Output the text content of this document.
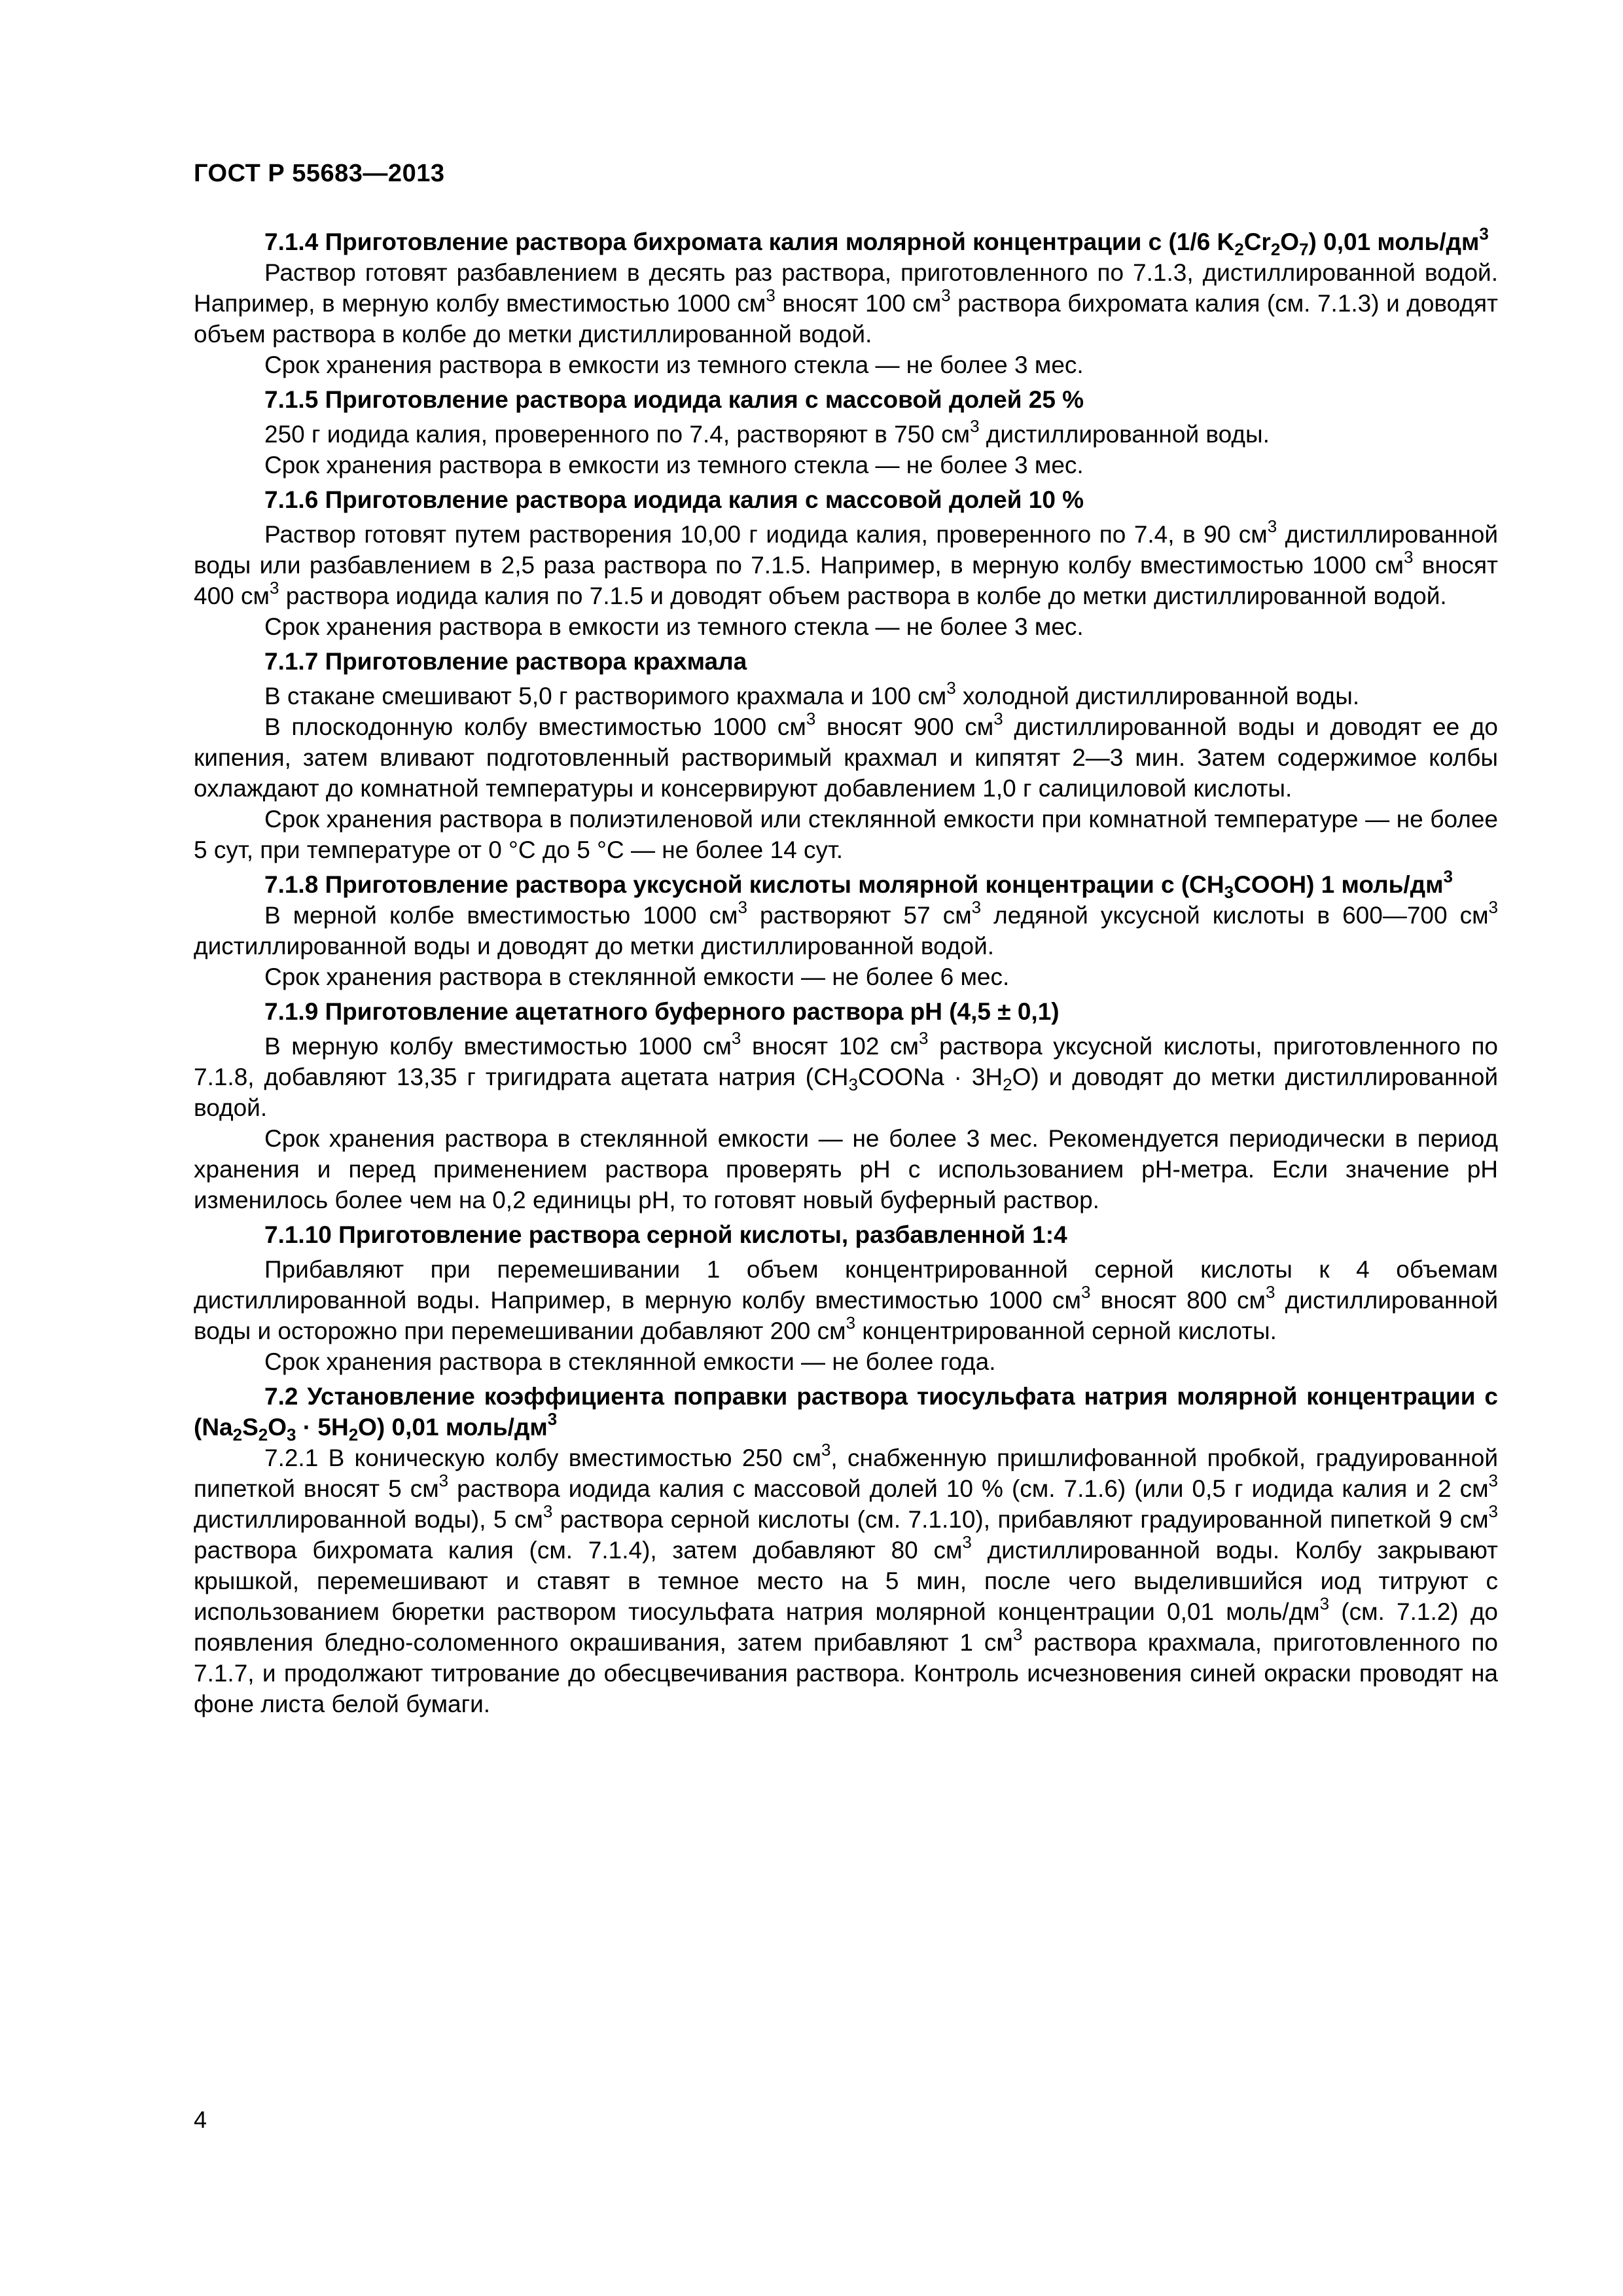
ГОСТ Р 55683—2013
7.1.4 Приготовление раствора бихромата калия молярной концентрации с (1/6 $K_2Cr_2O_7$) 0,01 моль/$дм^3$

Раствор готовят разбавлением в десять раз раствора, приготовленного по 7.1.3, дистиллированной водой. Например, в мерную колбу вместимостью 1000 $см^3$ вносят 100 $см^3$ раствора бихромата калия (см. 7.1.3) и доводят объем раствора в колбе до метки дистиллированной водой.

Срок хранения раствора в емкости из темного стекла — не более 3 мес.

7.1.5 Приготовление раствора иодида калия с массовой долей 25 %

250 г иодида калия, проверенного по 7.4, растворяют в 750 $см^3$ дистиллированной воды.

Срок хранения раствора в емкости из темного стекла — не более 3 мес.

7.1.6 Приготовление раствора иодида калия с массовой долей 10 %

Раствор готовят путем растворения 10,00 г иодида калия, проверенного по 7.4, в 90 $см^3$ дистиллированной воды или разбавлением в 2,5 раза раствора по 7.1.5. Например, в мерную колбу вместимостью 1000 $см^3$ вносят 400 $см^3$ раствора иодида калия по 7.1.5 и доводят объем раствора в колбе до метки дистиллированной водой.

Срок хранения раствора в емкости из темного стекла — не более 3 мес.

7.1.7 Приготовление раствора крахмала

В стакане смешивают 5,0 г растворимого крахмала и 100 $см^3$ холодной дистиллированной воды.

В плоскодонную колбу вместимостью 1000 $см^3$ вносят 900 $см^3$ дистиллированной воды и доводят ее до кипения, затем вливают подготовленный растворимый крахмал и кипятят 2—3 мин. Затем содержимое колбы охлаждают до комнатной температуры и консервируют добавлением 1,0 г салициловой кислоты.

Срок хранения раствора в полиэтиленовой или стеклянной емкости при комнатной температуре — не более 5 сут, при температуре от 0 °С до 5 °С — не более 14 сут.

7.1.8 Приготовление раствора уксусной кислоты молярной концентрации с $(CH_3COOH)$ 1 моль/$дм^3$

В мерной колбе вместимостью 1000 $см^3$ растворяют 57 $см^3$ ледяной уксусной кислоты в 600—700 $см^3$ дистиллированной воды и доводят до метки дистиллированной водой.

Срок хранения раствора в стеклянной емкости — не более 6 мес.

7.1.9 Приготовление ацетатного буферного раствора pH (4,5 ± 0,1)

В мерную колбу вместимостью 1000 $см^3$ вносят 102 $см^3$ раствора уксусной кислоты, приготовленного по 7.1.8, добавляют 13,35 г тригидрата ацетата натрия $(CH_3COONa \cdot 3H_2O)$ и доводят до метки дистиллированной водой.

Срок хранения раствора в стеклянной емкости — не более 3 мес. Рекомендуется периодически в период хранения и перед применением раствора проверять pH с использованием pH-метра. Если значение pH изменилось более чем на 0,2 единицы pH, то готовят новый буферный раствор.

7.1.10 Приготовление раствора серной кислоты, разбавленной 1:4

Прибавляют при перемешивании 1 объем концентрированной серной кислоты к 4 объемам дистиллированной воды. Например, в мерную колбу вместимостью 1000 $см^3$ вносят 800 $см^3$ дистиллированной воды и осторожно при перемешивании добавляют 200 $см^3$ концентрированной серной кислоты.

Срок хранения раствора в стеклянной емкости — не более года.

7.2 Установление коэффициента поправки раствора тиосульфата натрия молярной концентрации с $(Na_2S_2O_3 \cdot 5H_2O)$ 0,01 моль/$дм^3$

7.2.1 В коническую колбу вместимостью 250 $см^3$, снабженную пришлифованной пробкой, градуированной пипеткой вносят 5 $см^3$ раствора иодида калия с массовой долей 10 % (см. 7.1.6) (или 0,5 г иодида калия и 2 $см^3$ дистиллированной воды), 5 $см^3$ раствора серной кислоты (см. 7.1.10), прибавляют градуированной пипеткой 9 $см^3$ раствора бихромата калия (см. 7.1.4), затем добавляют 80 $см^3$ дистиллированной воды. Колбу закрывают крышкой, перемешивают и ставят в темное место на 5 мин, после чего выделившийся иод титруют с использованием бюретки раствором тиосульфата натрия молярной концентрации 0,01 моль/$дм^3$ (см. 7.1.2) до появления бледно-соломенного окрашивания, затем прибавляют 1 $см^3$ раствора крахмала, приготовленного по 7.1.7, и продолжают титрование до обесцвечивания раствора. Контроль исчезновения синей окраски проводят на фоне листа белой бумаги.

4
